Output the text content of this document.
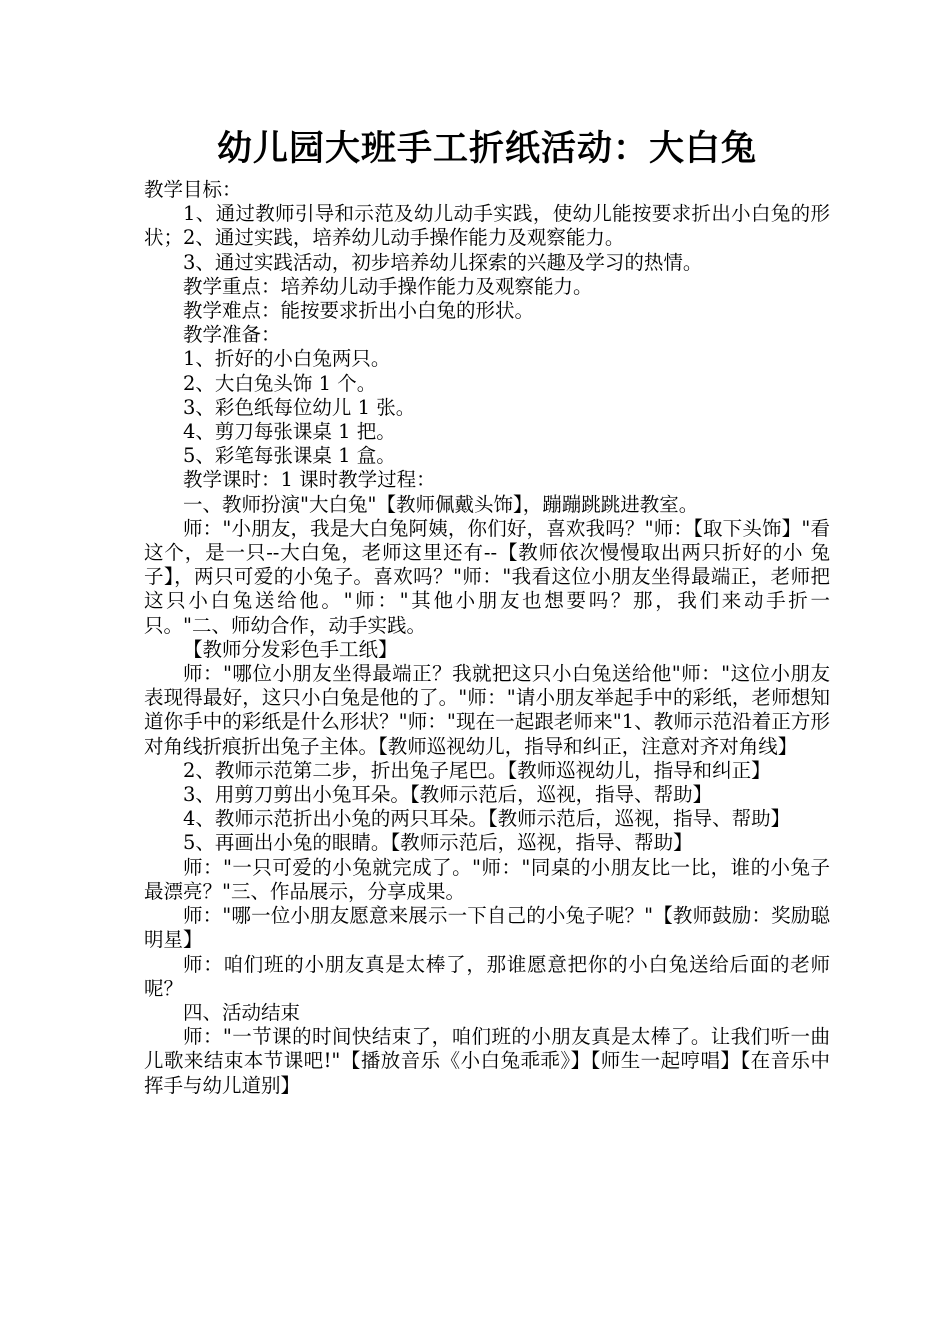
幼儿园大班手工折纸活动：大白兔

教学目标：

1、通过教师引导和示范及幼儿动手实践，使幼儿能按要求折出小白兔的形状；2、通过实践，培养幼儿动手操作能力及观察能力。

3、通过实践活动，初步培养幼儿探索的兴趣及学习的热情。

教学重点：培养幼儿动手操作能力及观察能力。

教学难点：能按要求折出小白兔的形状。

教学准备：

1、折好的小白兔两只。

2、大白兔头饰 1 个。

3、彩色纸每位幼儿 1 张。

4、剪刀每张课桌 1 把。

5、彩笔每张课桌 1 盒。

教学课时：1 课时教学过程：

一、教师扮演"大白兔"【教师佩戴头饰】，蹦蹦跳跳进教室。

师："小朋友，我是大白兔阿姨，你们好，喜欢我吗？"师：【取下头饰】"看这个，是一只--大白兔，老师这里还有--【教师依次慢慢取出两只折好的小 兔子】，两只可爱的小兔子。喜欢吗？"师："我看这位小朋友坐得最端正，老师把这只小白兔送给他。"师："其他小朋友也想要吗？那，我们来动手折一只。"二、师幼合作，动手实践。

【教师分发彩色手工纸】

师："哪位小朋友坐得最端正？我就把这只小白兔送给他"师："这位小朋友表现得最好，这只小白兔是他的了。"师："请小朋友举起手中的彩纸，老师想知道你手中的彩纸是什么形状？"师："现在一起跟老师来"1、教师示范沿着正方形对角线折痕折出兔子主体。【教师巡视幼儿，指导和纠正，注意对齐对角线】

2、教师示范第二步，折出兔子尾巴。【教师巡视幼儿，指导和纠正】

3、用剪刀剪出小兔耳朵。【教师示范后，巡视，指导、帮助】

4、教师示范折出小兔的两只耳朵。【教师示范后，巡视，指导、帮助】

5、再画出小兔的眼睛。【教师示范后，巡视，指导、帮助】

师："一只可爱的小兔就完成了。"师："同桌的小朋友比一比，谁的小兔子最漂亮？"三、作品展示，分享成果。

师："哪一位小朋友愿意来展示一下自己的小兔子呢？"【教师鼓励：奖励聪明星】

师：咱们班的小朋友真是太棒了，那谁愿意把你的小白兔送给后面的老师呢？

四、活动结束

师："一节课的时间快结束了，咱们班的小朋友真是太棒了。让我们听一曲儿歌来结束本节课吧!"【播放音乐《小白兔乖乖》】【师生一起哼唱】【在音乐中挥手与幼儿道别】
